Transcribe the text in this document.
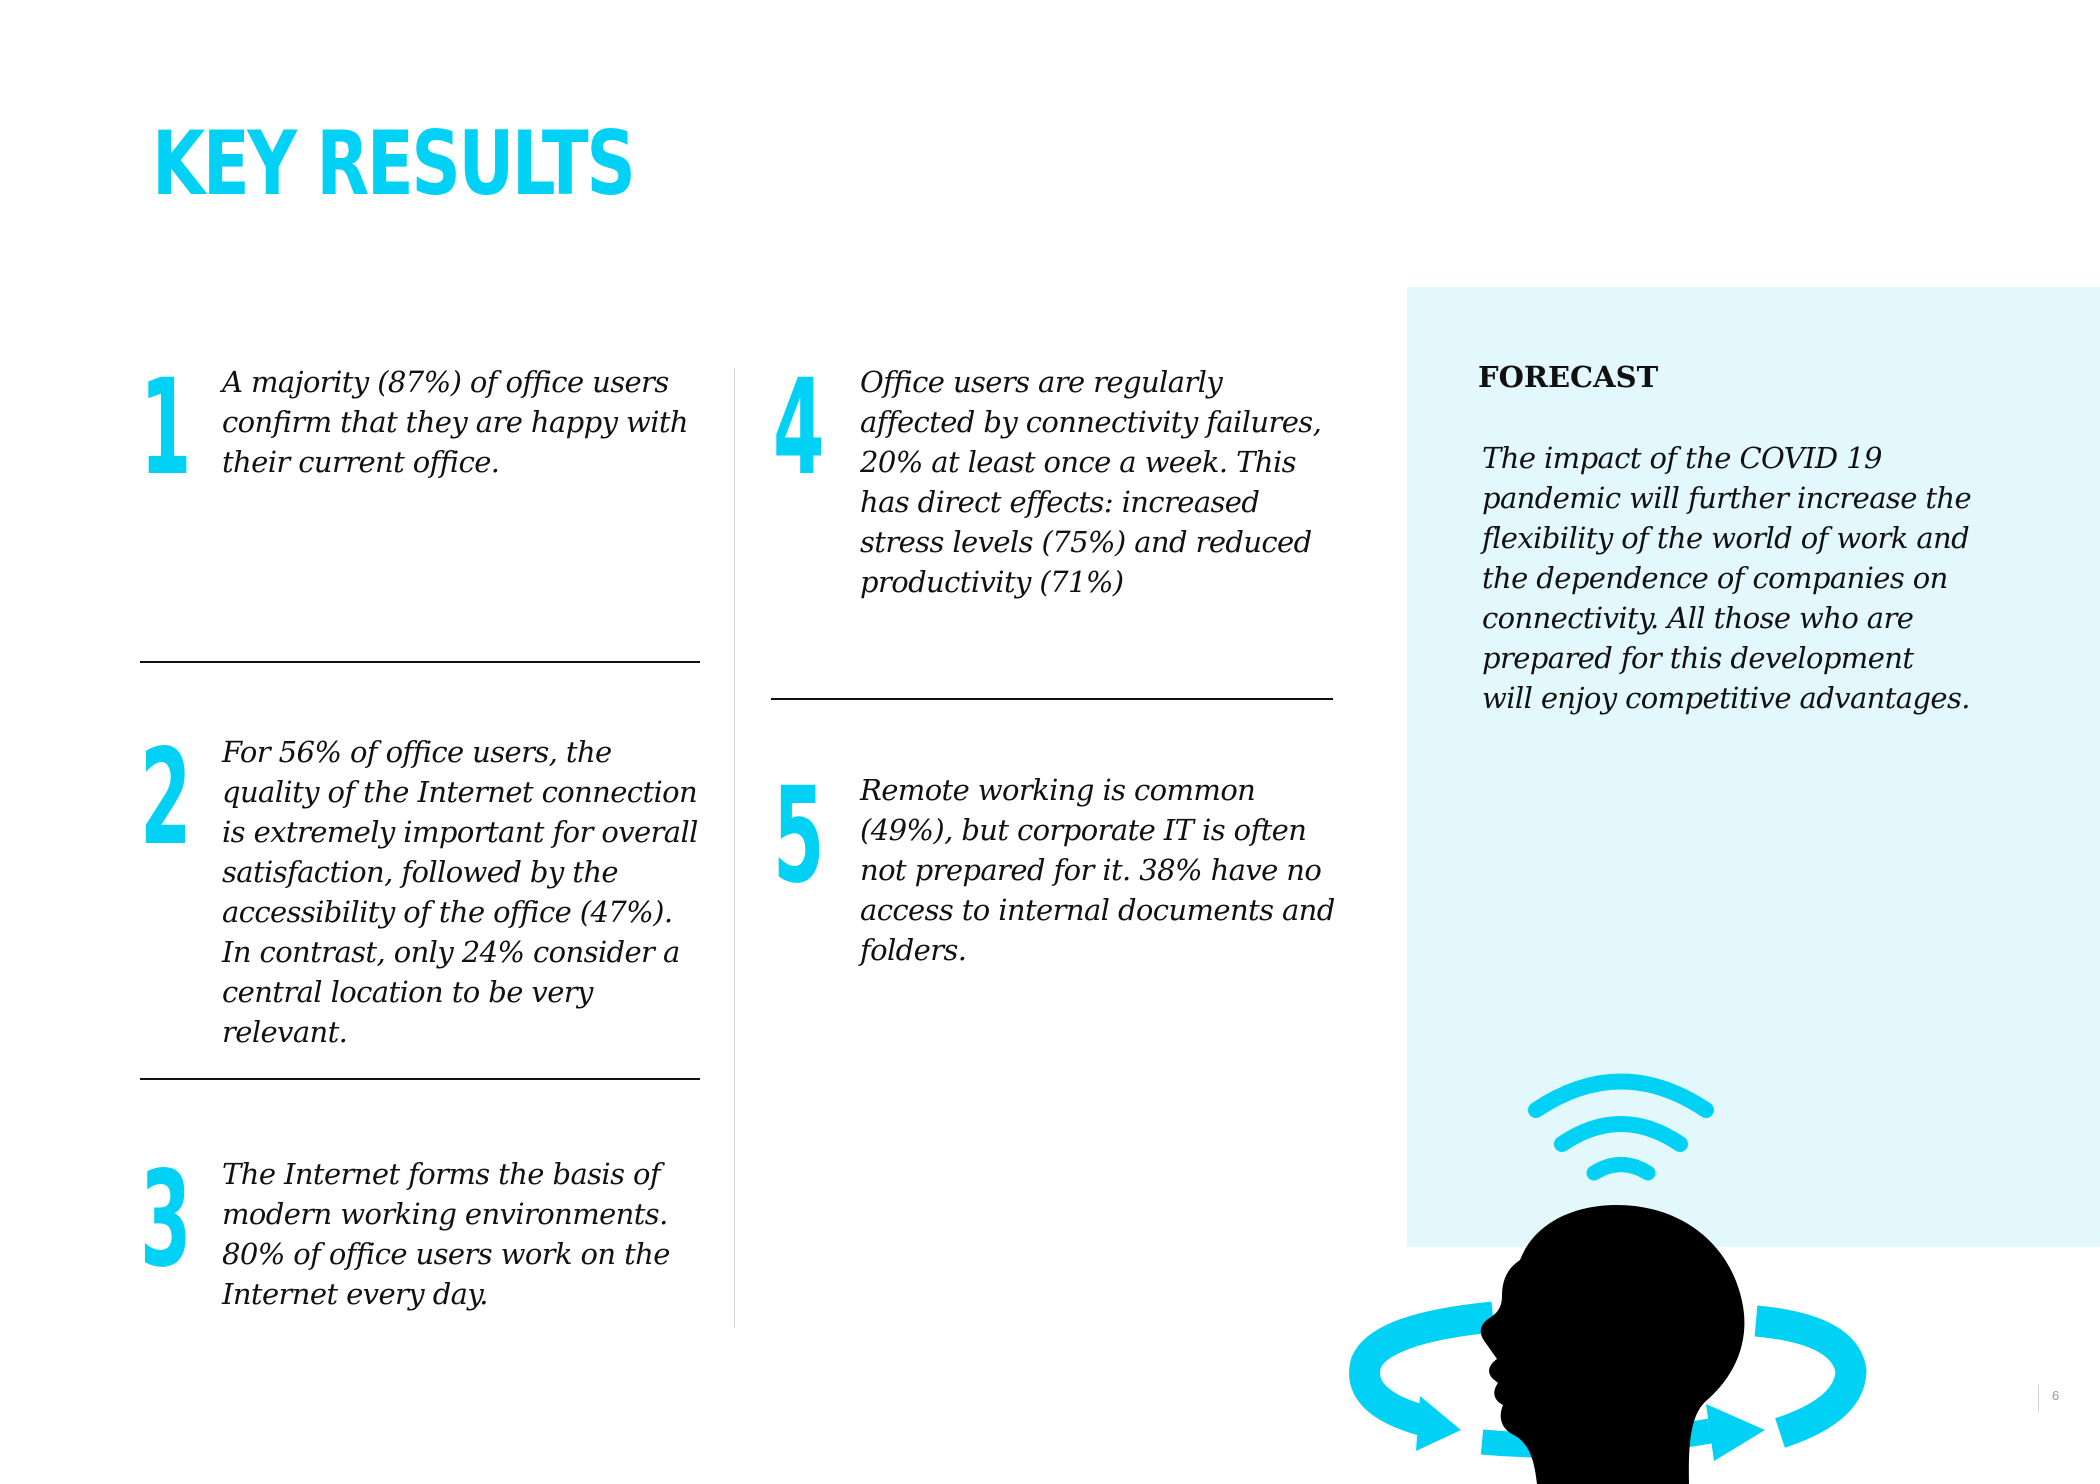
KEY RESULTS
1 A majority (87%) of office users confirm that they are happy with their current office.

2 For 56% of office users, the quality of the Internet connection is extremely important for overall satisfaction, followed by the accessibility of the office (47%). In contrast, only 24% consider a central location to be very relevant.

3 The Internet forms the basis of modern working environments. 80% of office users work on the Internet every day.

4 Office users are regularly affected by connectivity failures, 20% at least once a week. This has direct effects: increased stress levels (75%) and reduced productivity (71%)

5 Remote working is common (49%), but corporate IT is often not prepared for it. 38% have no access to internal documents and folders.

FORECAST

The impact of the COVID 19 pandemic will further increase the flexibility of the world of work and the dependence of companies on connectivity. All those who are prepared for this development will enjoy competitive advantages.

6
